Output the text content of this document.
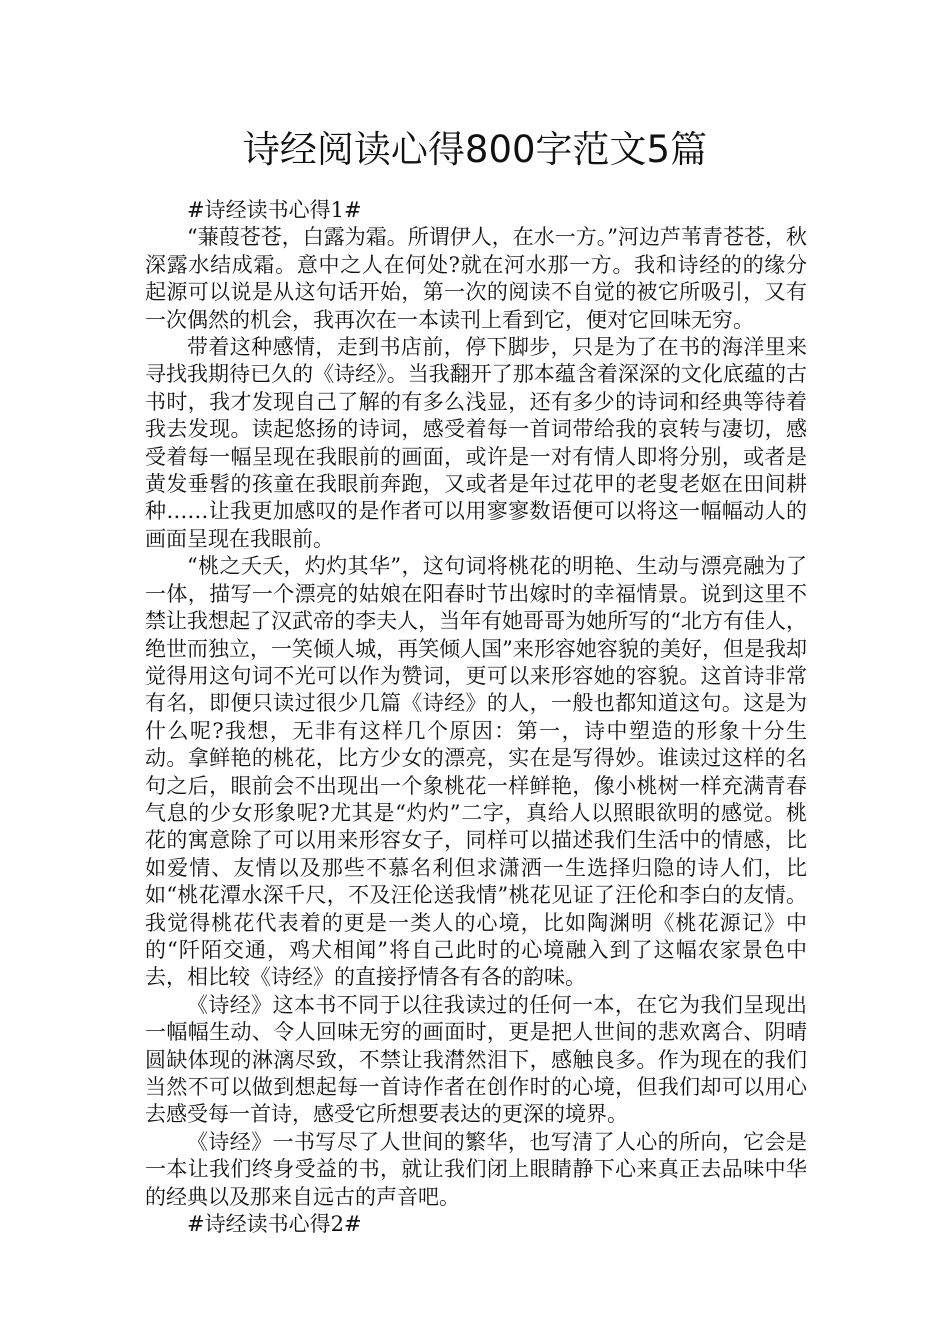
诗经阅读心得800字范文5篇
#诗经读书心得1#

“蒹葭苍苍，白露为霜。所谓伊人，在水一方。”河边芦苇青苍苍，秋深露水结成霜。意中之人在何处?就在河水那一方。我和诗经的的缘分起源可以说是从这句话开始，第一次的阅读不自觉的被它所吸引，又有一次偶然的机会，我再次在一本读刊上看到它，便对它回味无穷。

带着这种感情，走到书店前，停下脚步，只是为了在书的海洋里来寻找我期待已久的《诗经》。当我翻开了那本蕴含着深深的文化底蕴的古书时，我才发现自己了解的有多么浅显，还有多少的诗词和经典等待着我去发现。读起悠扬的诗词，感受着每一首词带给我的哀转与凄切，感受着每一幅呈现在我眼前的画面，或许是一对有情人即将分别，或者是黄发垂髫的孩童在我眼前奔跑，又或者是年过花甲的老叟老妪在田间耕种……让我更加感叹的是作者可以用寥寥数语便可以将这一幅幅动人的画面呈现在我眼前。

“桃之夭夭，灼灼其华”，这句词将桃花的明艳、生动与漂亮融为了一体，描写一个漂亮的姑娘在阳春时节出嫁时的幸福情景。说到这里不禁让我想起了汉武帝的李夫人，当年有她哥哥为她所写的“北方有佳人，绝世而独立，一笑倾人城，再笑倾人国”来形容她容貌的美好，但是我却觉得用这句词不光可以作为赞词，更可以来形容她的容貌。这首诗非常有名，即便只读过很少几篇《诗经》的人，一般也都知道这句。这是为什么呢?我想，无非有这样几个原因：第一，诗中塑造的形象十分生动。拿鲜艳的桃花，比方少女的漂亮，实在是写得妙。谁读过这样的名句之后，眼前会不出现出一个象桃花一样鲜艳，像小桃树一样充满青春气息的少女形象呢?尤其是“灼灼”二字，真给人以照眼欲明的感觉。桃花的寓意除了可以用来形容女子，同样可以描述我们生活中的情感，比如爱情、友情以及那些不慕名利但求潇洒一生选择归隐的诗人们，比如“桃花潭水深千尺，不及汪伦送我情”桃花见证了汪伦和李白的友情。我觉得桃花代表着的更是一类人的心境，比如陶渊明《桃花源记》中的“阡陌交通，鸡犬相闻”将自己此时的心境融入到了这幅农家景色中去，相比较《诗经》的直接抒情各有各的韵味。

《诗经》这本书不同于以往我读过的任何一本，在它为我们呈现出一幅幅生动、令人回味无穷的画面时，更是把人世间的悲欢离合、阴晴圆缺体现的淋漓尽致，不禁让我潸然泪下，感触良多。作为现在的我们当然不可以做到想起每一首诗作者在创作时的心境，但我们却可以用心去感受每一首诗，感受它所想要表达的更深的境界。

《诗经》一书写尽了人世间的繁华，也写清了人心的所向，它会是一本让我们终身受益的书，就让我们闭上眼睛静下心来真正去品味中华的经典以及那来自远古的声音吧。

#诗经读书心得2#
